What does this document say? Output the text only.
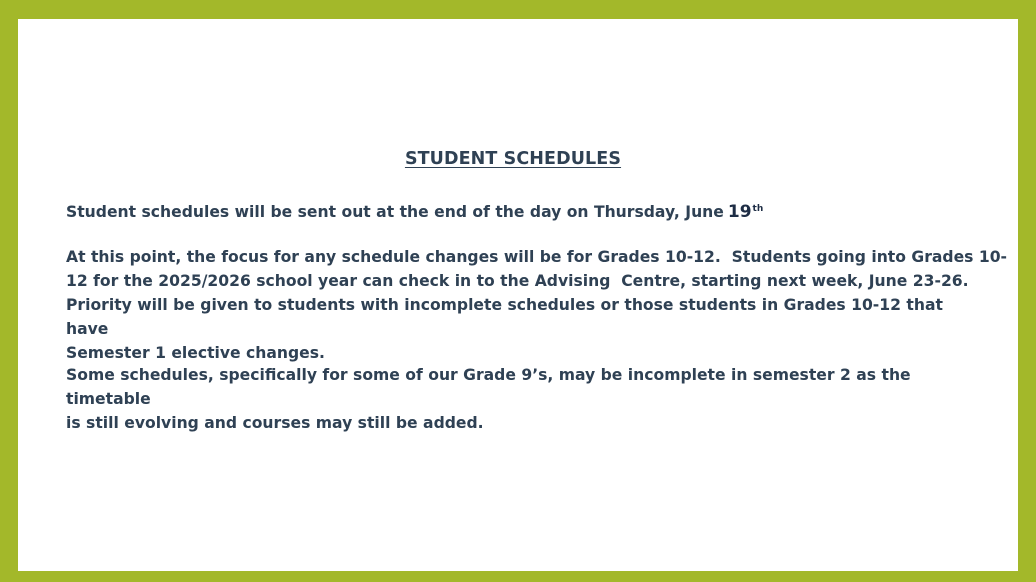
STUDENT SCHEDULES

Student schedules will be sent out at the end of the day on Thursday, June 19th

At this point, the focus for any schedule changes will be for Grades 10-12.  Students going into Grades 10-
12 for the 2025/2026 school year can check in to the Advising  Centre, starting next week, June 23-26.
Priority will be given to students with incomplete schedules or those students in Grades 10-12 that have
Semester 1 elective changes.
Some schedules, specifically for some of our Grade 9’s, may be incomplete in semester 2 as the timetable
is still evolving and courses may still be added.
